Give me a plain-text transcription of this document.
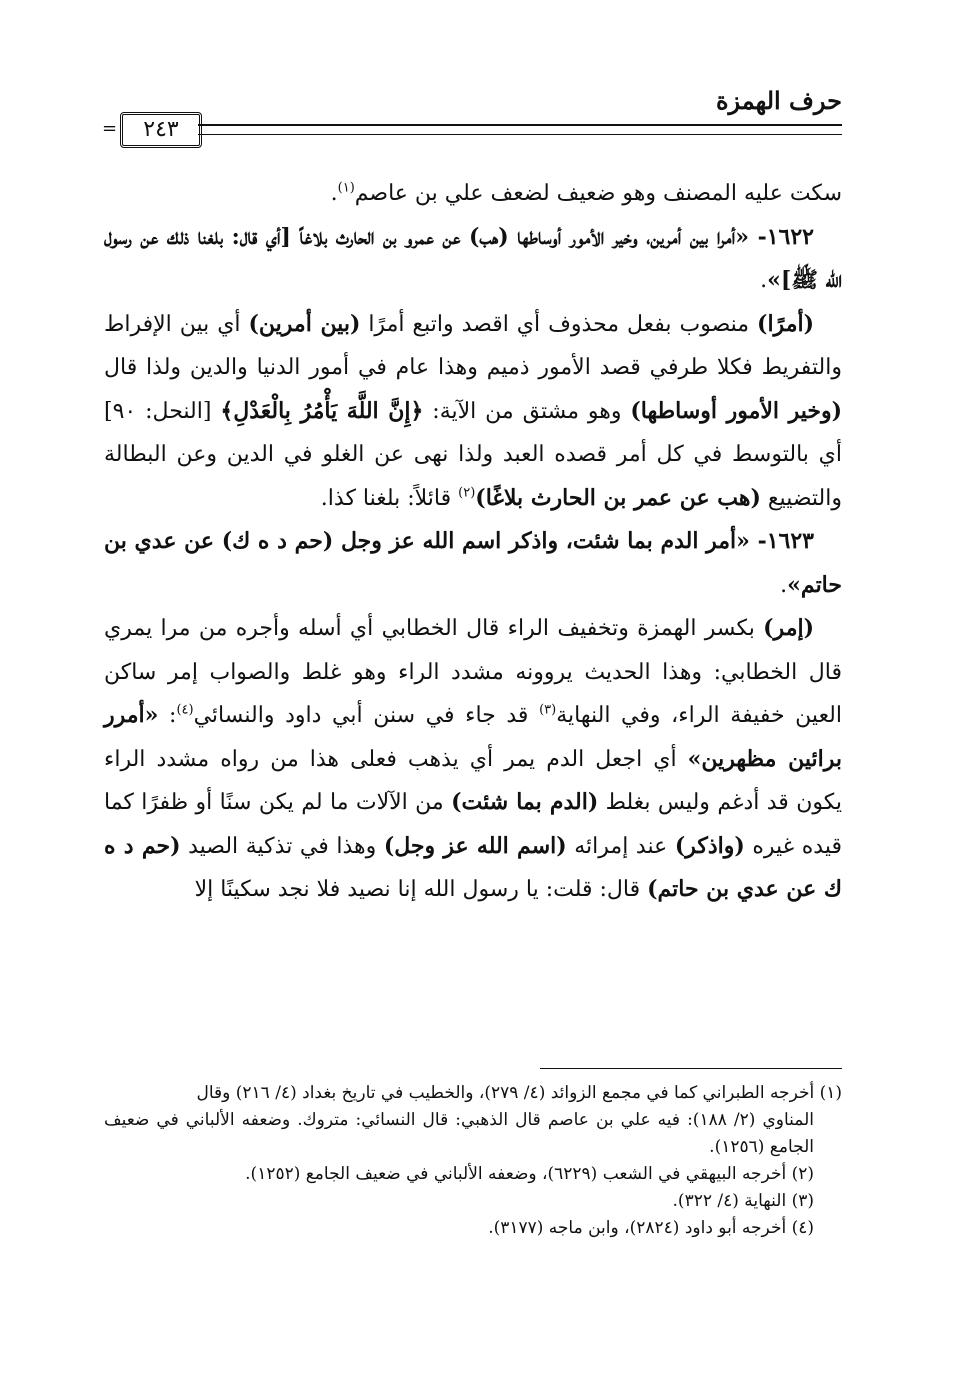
حرف الهمزة
٢٤٣
=

سكت عليه المصنف وهو ضعيف لضعف علي بن عاصم$^{(١)}$.

١٦٢٢- «أمرا بين أمرين، وخير الأمور أوساطها (هب) عن عمرو بن الحارث بلاغاً [أي قال: بلغنا ذلك عن رسول الله ﷺ]».

(أمرًا) منصوب بفعل محذوف أي اقصد واتبع أمرًا (بين أمرين) أي بين الإفراط والتفريط فكلا طرفي قصد الأمور ذميم وهذا عام في أمور الدنيا والدين ولذا قال (وخير الأمور أوساطها) وهو مشتق من الآية: ﴿إِنَّ اللَّهَ يَأْمُرُ بِالْعَدْلِ﴾ [النحل: ٩٠] أي بالتوسط في كل أمر قصده العبد ولذا نهى عن الغلو في الدين وعن البطالة والتضييع (هب عن عمر بن الحارث بلاغًا)$^{(٢)}$ قائلاً: بلغنا كذا.

١٦٢٣- «أمر الدم بما شئت، واذكر اسم الله عز وجل (حم د ه ك) عن عدي بن حاتم».

(إمر) بكسر الهمزة وتخفيف الراء قال الخطابي أي أسله وأجره من مرا يمري قال الخطابي: وهذا الحديث يروونه مشدد الراء وهو غلط والصواب إمر ساكن العين خفيفة الراء، وفي النهاية$^{(٣)}$ قد جاء في سنن أبي داود والنسائي$^{(٤)}$: «أمرر برائين مظهرين» أي اجعل الدم يمر أي يذهب فعلى هذا من رواه مشدد الراء يكون قد أدغم وليس بغلط (الدم بما شئت) من الآلات ما لم يكن سنًا أو ظفرًا كما قيده غيره (واذكر) عند إمرائه (اسم الله عز وجل) وهذا في تذكية الصيد (حم د ه ك عن عدي بن حاتم) قال: قلت: يا رسول الله إنا نصيد فلا نجد سكينًا إلا

(١) أخرجه الطبراني كما في مجمع الزوائد (٤/ ٢٧٩)، والخطيب في تاريخ بغداد (٤/ ٢١٦) وقال

المناوي (٢/ ١٨٨): فيه علي بن عاصم قال الذهبي: قال النسائي: متروك. وضعفه الألباني في ضعيف الجامع (١٢٥٦).

(٢) أخرجه البيهقي في الشعب (٦٢٢٩)، وضعفه الألباني في ضعيف الجامع (١٢٥٢).

(٣) النهاية (٤/ ٣٢٢).

(٤) أخرجه أبو داود (٢٨٢٤)، وابن ماجه (٣١٧٧).
